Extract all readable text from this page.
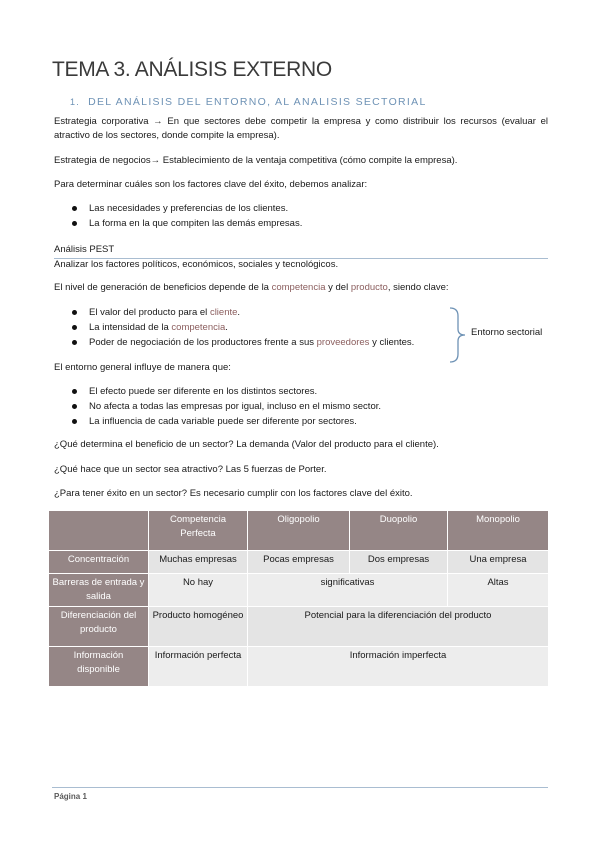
TEMA 3. ANÁLISIS EXTERNO
1. DEL ANÁLISIS DEL ENTORNO, AL ANALISIS SECTORIAL

Estrategia corporativa → En que sectores debe competir la empresa y como distribuir los recursos (evaluar el atractivo de los sectores, donde compite la empresa).

Estrategia de negocios→ Establecimiento de la ventaja competitiva (cómo compite la empresa).

Para determinar cuáles son los factores clave del éxito, debemos analizar:

Las necesidades y preferencias de los clientes.
La forma en la que compiten las demás empresas.
Análisis PEST

Analizar los factores políticos, económicos, sociales y tecnológicos.

El nivel de generación de beneficios depende de la competencia y del producto, siendo clave:

El valor del producto para el cliente.
La intensidad de la competencia.
Poder de negociación de los productores frente a sus proveedores y clientes.
Entorno sectorial

El entorno general influye de manera que:

El efecto puede ser diferente en los distintos sectores.
No afecta a todas las empresas por igual, incluso en el mismo sector.
La influencia de cada variable puede ser diferente por sectores.

¿Qué determina el beneficio de un sector? La demanda (Valor del producto para el cliente).

¿Qué hace que un sector sea atractivo? Las 5 fuerzas de Porter.

¿Para tener éxito en un sector? Es necesario cumplir con los factores clave del éxito.

	Competencia Perfecta	Oligopolio	Duopolio	Monopolio
Concentración	Muchas empresas	Pocas empresas	Dos empresas	Una empresa
Barreras de entrada y salida	No hay	significativas		Altas
Diferenciación del producto	Producto homogéneo	Potencial para la diferenciación del producto		
Información disponible	Información perfecta	Información imperfecta		
Página 1
